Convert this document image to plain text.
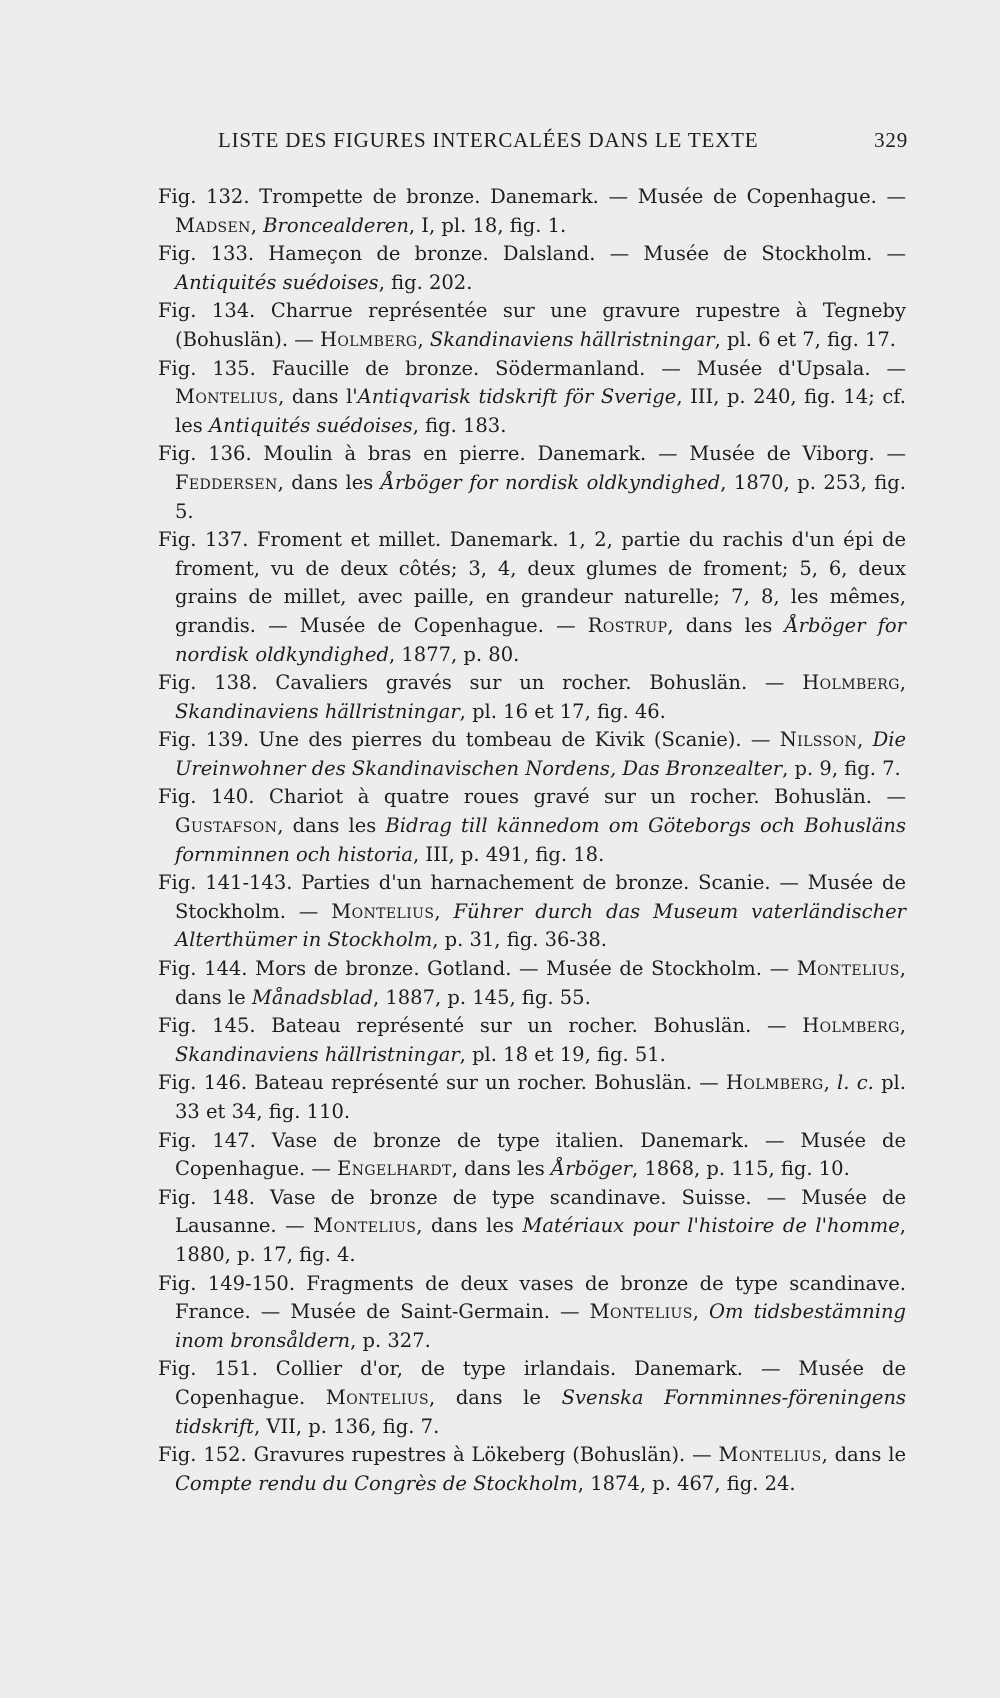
LISTE DES FIGURES INTERCALÉES DANS LE TEXTE	329
Fig. 132. Trompette de bronze. Danemark. — Musée de Copenhague. — Madsen, Broncealderen, I, pl. 18, fig. 1.
Fig. 133. Hameçon de bronze. Dalsland. — Musée de Stockholm. — Antiquités suédoises, fig. 202.
Fig. 134. Charrue représentée sur une gravure rupestre à Tegneby (Bohuslän). — Holmberg, Skandinaviens hällristningar, pl. 6 et 7, fig. 17.
Fig. 135. Faucille de bronze. Södermanland. — Musée d'Upsala. — Montelius, dans l'Antiqvarisk tidskrift för Sverige, III, p. 240, fig. 14; cf. les Antiquités suédoises, fig. 183.
Fig. 136. Moulin à bras en pierre. Danemark. — Musée de Viborg. — Feddersen, dans les Årböger for nordisk oldkyndighed, 1870, p. 253, fig. 5.
Fig. 137. Froment et millet. Danemark. 1, 2, partie du rachis d'un épi de froment, vu de deux côtés; 3, 4, deux glumes de froment; 5, 6, deux grains de millet, avec paille, en grandeur naturelle; 7, 8, les mêmes, grandis. — Musée de Copenhague. — Rostrup, dans les Årböger for nordisk oldkyndighed, 1877, p. 80.
Fig. 138. Cavaliers gravés sur un rocher. Bohuslän. — Holmberg, Skandinaviens hällristningar, pl. 16 et 17, fig. 46.
Fig. 139. Une des pierres du tombeau de Kivik (Scanie). — Nilsson, Die Ureinwohner des Skandinavischen Nordens, Das Bronzealter, p. 9, fig. 7.
Fig. 140. Chariot à quatre roues gravé sur un rocher. Bohuslän. — Gustafson, dans les Bidrag till kännedom om Göteborgs och Bohusläns fornminnen och historia, III, p. 491, fig. 18.
Fig. 141-143. Parties d'un harnachement de bronze. Scanie. — Musée de Stockholm. — Montelius, Führer durch das Museum vaterländischer Alterthümer in Stockholm, p. 31, fig. 36-38.
Fig. 144. Mors de bronze. Gotland. — Musée de Stockholm. — Montelius, dans le Månadsblad, 1887, p. 145, fig. 55.
Fig. 145. Bateau représenté sur un rocher. Bohuslän. — Holmberg, Skandinaviens hällristningar, pl. 18 et 19, fig. 51.
Fig. 146. Bateau représenté sur un rocher. Bohuslän. — Holmberg, l. c. pl. 33 et 34, fig. 110.
Fig. 147. Vase de bronze de type italien. Danemark. — Musée de Copenhague. — Engelhardt, dans les Årböger, 1868, p. 115, fig. 10.
Fig. 148. Vase de bronze de type scandinave. Suisse. — Musée de Lausanne. — Montelius, dans les Matériaux pour l'histoire de l'homme, 1880, p. 17, fig. 4.
Fig. 149-150. Fragments de deux vases de bronze de type scandinave. France. — Musée de Saint-Germain. — Montelius, Om tidsbestämning inom bronsåldern, p. 327.
Fig. 151. Collier d'or, de type irlandais. Danemark. — Musée de Copenhague. Montelius, dans le Svenska Fornminnes-föreningens tidskrift, VII, p. 136, fig. 7.
Fig. 152. Gravures rupestres à Lökeberg (Bohuslän). — Montelius, dans le Compte rendu du Congrès de Stockholm, 1874, p. 467, fig. 24.
